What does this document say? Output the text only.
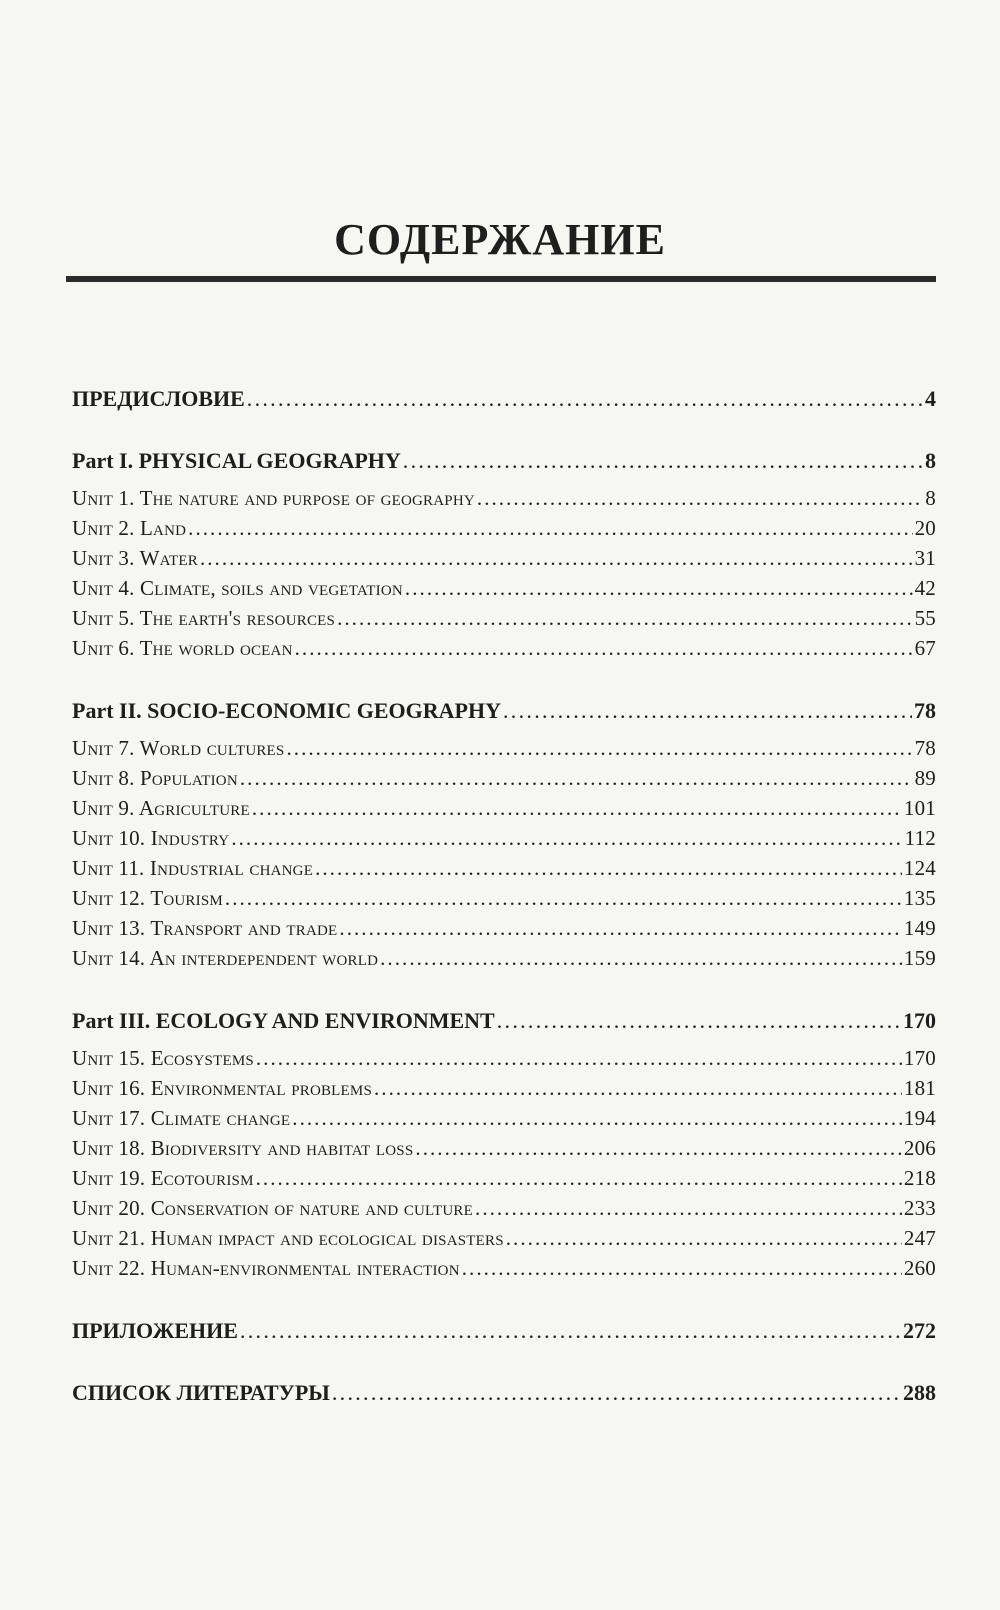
СОДЕРЖАНИЕ
ПРЕДИСЛОВИЕ . . .	4
Part I. PHYSICAL GEOGRAPHY . . .	8
Unit 1. The nature and purpose of geography . . .	8
Unit 2. Land . . .	20
Unit 3. Water . . .	31
Unit 4. Climate, soils and vegetation . . .	42
Unit 5. The earth's resources . . .	55
Unit 6. The world ocean . . .	67
Part II. SOCIO-ECONOMIC GEOGRAPHY . . .	78
Unit 7. World cultures . . .	78
Unit 8. Population . . .	89
Unit 9. Agriculture . . .	101
Unit 10. Industry . . .	112
Unit 11. Industrial change . . .	124
Unit 12. Tourism . . .	135
Unit 13. Transport and trade . . .	149
Unit 14. An interdependent world . . .	159
Part III. ECOLOGY AND ENVIRONMENT . . .	170
Unit 15. Ecosystems . . .	170
Unit 16. Environmental problems . . .	181
Unit 17. Climate change . . .	194
Unit 18. Biodiversity and habitat loss . . .	206
Unit 19. Ecotourism . . .	218
Unit 20. Conservation of nature and culture . . .	233
Unit 21. Human impact and ecological disasters . . .	247
Unit 22. Human-environmental interaction . . .	260
ПРИЛОЖЕНИЕ . . .	272
СПИСОК ЛИТЕРАТУРЫ . . .	288
